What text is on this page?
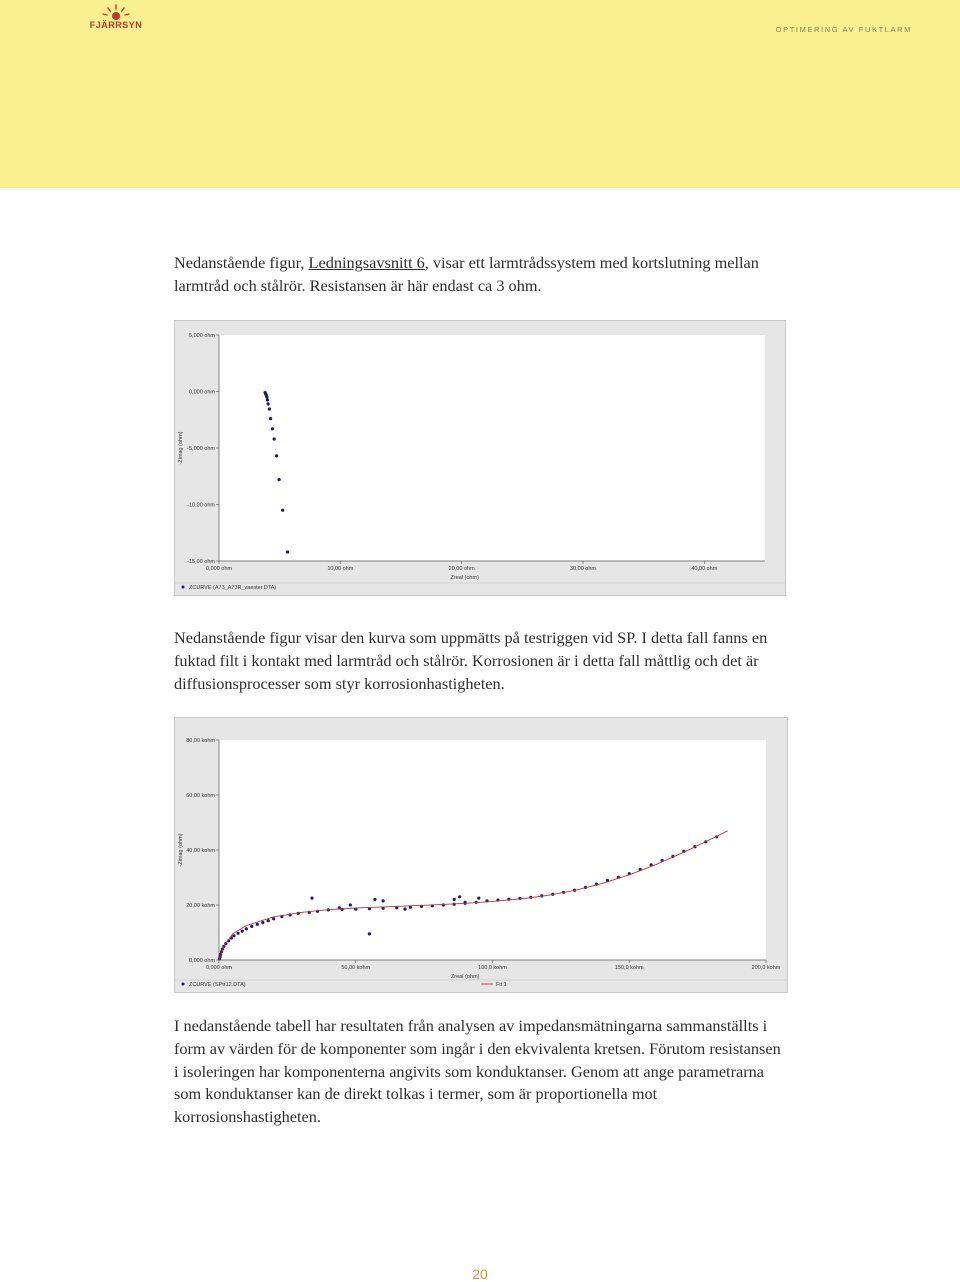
FJÄRRSYN	OPTIMERING AV FUKTLARM
Nedanstående figur, Ledningsavsnitt 6, visar ett larmtrådssystem med kortslutning mellan larmtråd och stålrör. Resistansen är här endast ca 3 ohm.
5,000 ohm
0,000 ohm
-5,000 ohm
-10,00 ohm
-15,00 ohm
0,000 ohm	10,00 ohm	20,00 ohm	30,00 ohm	40,00 ohm
Zreal (ohm)
-Zimag (ohm)
ZCURVE (A73_A73R_vaester.DTA)
Nedanstående figur visar den kurva som uppmätts på testriggen vid SP. I detta fall fanns en fuktad filt i kontakt med larmtråd och stålrör. Korrosionen är i detta fall måttlig och det är diffusionsprocesser som styr korrosionhastigheten.
80,00 kohm
60,00 kohm
40,00 kohm
20,00 kohm
0,000 ohm
0,000 ohm	50,00 kohm	100,0 kohm	150,0 kohm	200,0 kohm
Zreal (ohm)
-Zimag (ohm)
ZCURVE (SPtr12.DTA)	Fit 1
I nedanstående tabell har resultaten från analysen av impedansmätningarna sammanställts i form av värden för de komponenter som ingår i den ekvivalenta kretsen. Förutom resistansen i isoleringen har komponenterna angivits som konduktanser. Genom att ange parametrarna som konduktanser kan de direkt tolkas i termer, som är proportionella mot korrosionshastigheten.
20
